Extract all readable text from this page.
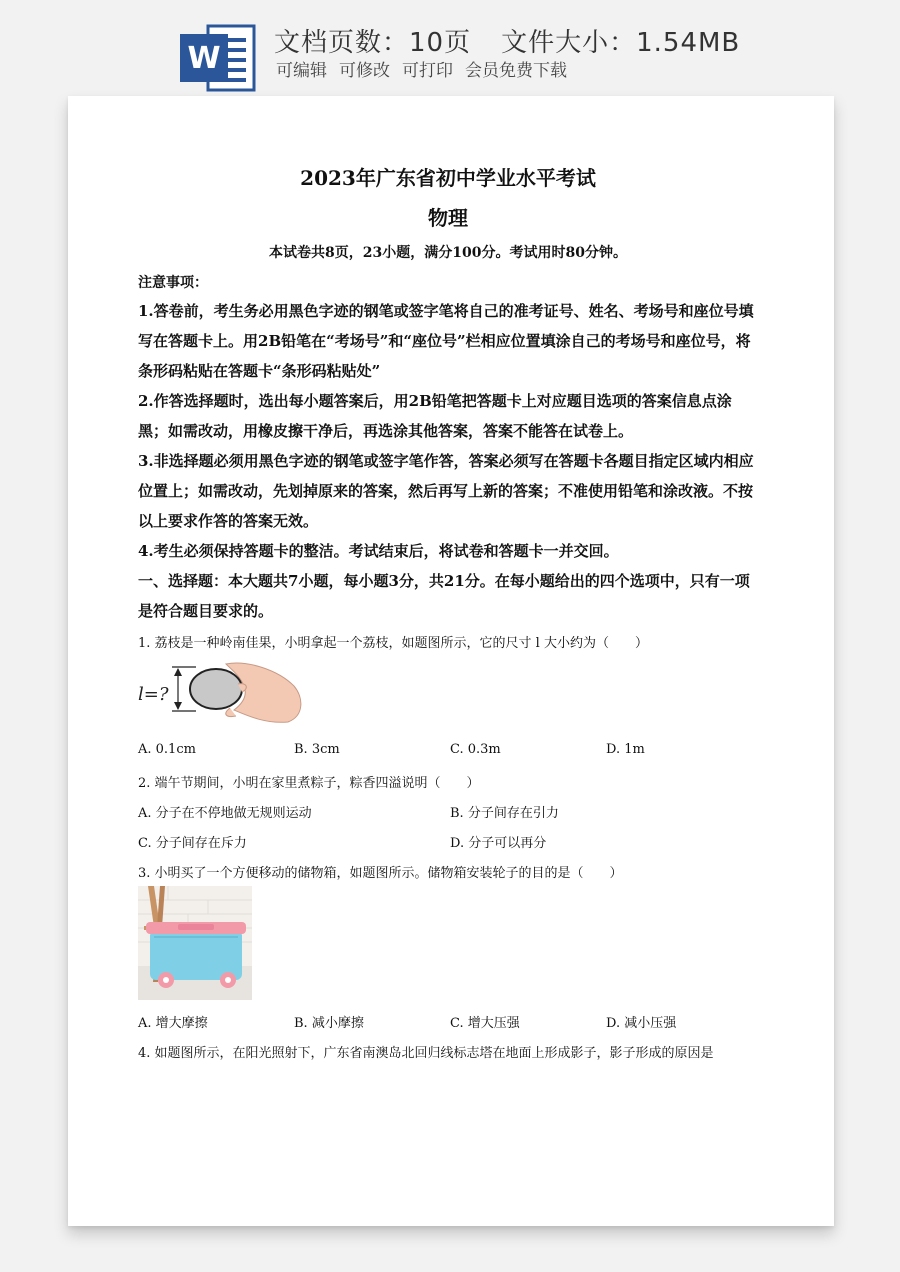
W 文档页数：10页 文件大小：1.54MB
可编辑 可修改 可打印 会员免费下载
2023年广东省初中学业水平考试
物理
本试卷共8页，23小题，满分100分。考试用时80分钟。
注意事项：
1.答卷前，考生务必用黑色字迹的钢笔或签字笔将自己的准考证号、姓名、考场号和座位号填写在答题卡上。用2B铅笔在“考场号”和“座位号”栏相应位置填涂自己的考场号和座位号，将条形码粘贴在答题卡“条形码粘贴处”
2.作答选择题时，选出每小题答案后，用2B铅笔把答题卡上对应题目选项的答案信息点涂黑；如需改动，用橡皮擦干净后，再选涂其他答案，答案不能答在试卷上。
3.非选择题必须用黑色字迹的钢笔或签字笔作答，答案必须写在答题卡各题目指定区域内相应位置上；如需改动，先划掉原来的答案，然后再写上新的答案；不准使用铅笔和涂改液。不按以上要求作答的答案无效。
4.考生必须保持答题卡的整洁。考试结束后，将试卷和答题卡一并交回。
一、选择题：本大题共7小题，每小题3分，共21分。在每小题给出的四个选项中，只有一项是符合题目要求的。
1. 荔枝是一种岭南佳果，小明拿起一个荔枝，如题图所示，它的尺寸 l 大小约为（　　）
l=?
A. 0.1cm	B. 3cm	C. 0.3m	D. 1m
2. 端午节期间，小明在家里煮粽子，粽香四溢说明（　　）
A. 分子在不停地做无规则运动	B. 分子间存在引力
C. 分子间存在斥力	D. 分子可以再分
3. 小明买了一个方便移动的储物箱，如题图所示。储物箱安装轮子的目的是（　　）
A. 增大摩擦	B. 减小摩擦	C. 增大压强	D. 减小压强
4. 如题图所示，在阳光照射下，广东省南澳岛北回归线标志塔在地面上形成影子，影子形成的原因是
